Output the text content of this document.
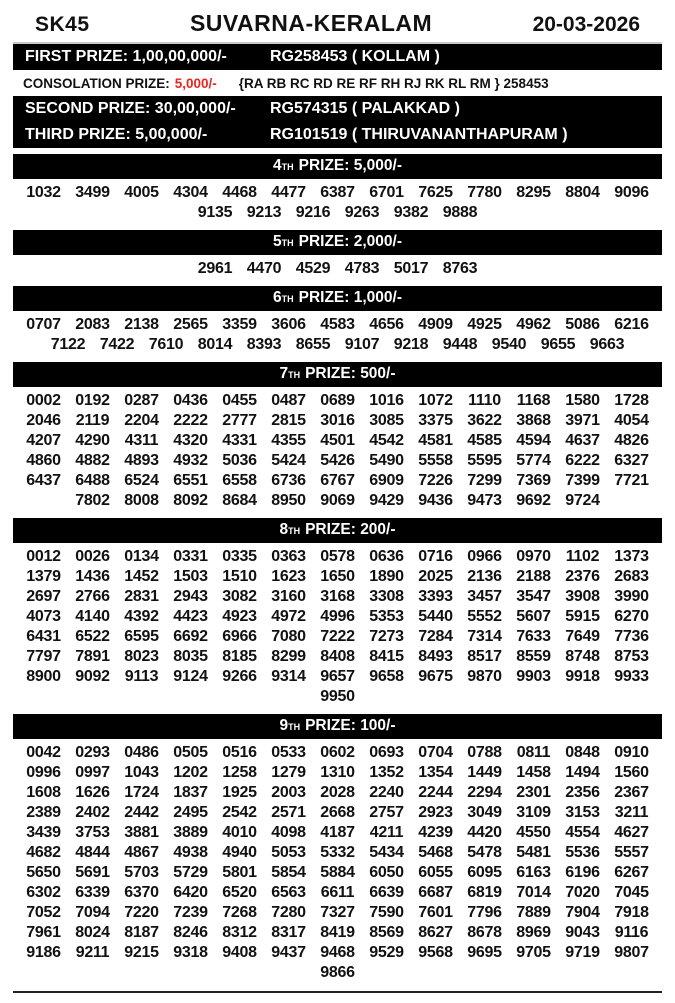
SK45	SUVARNA-KERALAM	20-03-2026
FIRST PRIZE: 1,00,00,000/-	RG258453 ( KOLLAM )
CONSOLATION PRIZE: 5,000/- {RA RB RC RD RE RF RH RJ RK RL RM } 258453
SECOND PRIZE: 30,00,000/-	RG574315 ( PALAKKAD )
THIRD PRIZE: 5,00,000/-	RG101519 ( THIRUVANANTHAPURAM )
4 TH PRIZE: 5,000/-
1032 3499 4005 4304 4468 4477 6387 6701 7625 7780 8295 8804 9096
9135 9213 9216 9263 9382 9888
5 TH PRIZE: 2,000/-
2961 4470 4529 4783 5017 8763
6 TH PRIZE: 1,000/-
0707 2083 2138 2565 3359 3606 4583 4656 4909 4925 4962 5086 6216
7122 7422 7610 8014 8393 8655 9107 9218 9448 9540 9655 9663
7 TH PRIZE: 500/-
0002 0192 0287 0436 0455 0487 0689 1016 1072 1110 1168 1580 1728
2046 2119 2204 2222 2777 2815 3016 3085 3375 3622 3868 3971 4054
4207 4290 4311 4320 4331 4355 4501 4542 4581 4585 4594 4637 4826
4860 4882 4893 4932 5036 5424 5426 5490 5558 5595 5774 6222 6327
6437 6488 6524 6551 6558 6736 6767 6909 7226 7299 7369 7399 7721
7802 8008 8092 8684 8950 9069 9429 9436 9473 9692 9724
8 TH PRIZE: 200/-
0012 0026 0134 0331 0335 0363 0578 0636 0716 0966 0970 1102 1373
1379 1436 1452 1503 1510 1623 1650 1890 2025 2136 2188 2376 2683
2697 2766 2831 2943 3082 3160 3168 3308 3393 3457 3547 3908 3990
4073 4140 4392 4423 4923 4972 4996 5353 5440 5552 5607 5915 6270
6431 6522 6595 6692 6966 7080 7222 7273 7284 7314 7633 7649 7736
7797 7891 8023 8035 8185 8299 8408 8415 8493 8517 8559 8748 8753
8900 9092 9113 9124 9266 9314 9657 9658 9675 9870 9903 9918 9933
9950
9 TH PRIZE: 100/-
0042 0293 0486 0505 0516 0533 0602 0693 0704 0788 0811 0848 0910
0996 0997 1043 1202 1258 1279 1310 1352 1354 1449 1458 1494 1560
1608 1626 1724 1837 1925 2003 2028 2240 2244 2294 2301 2356 2367
2389 2402 2442 2495 2542 2571 2668 2757 2923 3049 3109 3153 3211
3439 3753 3881 3889 4010 4098 4187 4211 4239 4420 4550 4554 4627
4682 4844 4867 4938 4940 5053 5332 5434 5468 5478 5481 5536 5557
5650 5691 5703 5729 5801 5854 5884 6050 6055 6095 6163 6196 6267
6302 6339 6370 6420 6520 6563 6611 6639 6687 6819 7014 7020 7045
7052 7094 7220 7239 7268 7280 7327 7590 7601 7796 7889 7904 7918
7961 8024 8187 8246 8312 8317 8419 8569 8627 8678 8969 9043 9116
9186 9211 9215 9318 9408 9437 9468 9529 9568 9695 9705 9719 9807
9866
